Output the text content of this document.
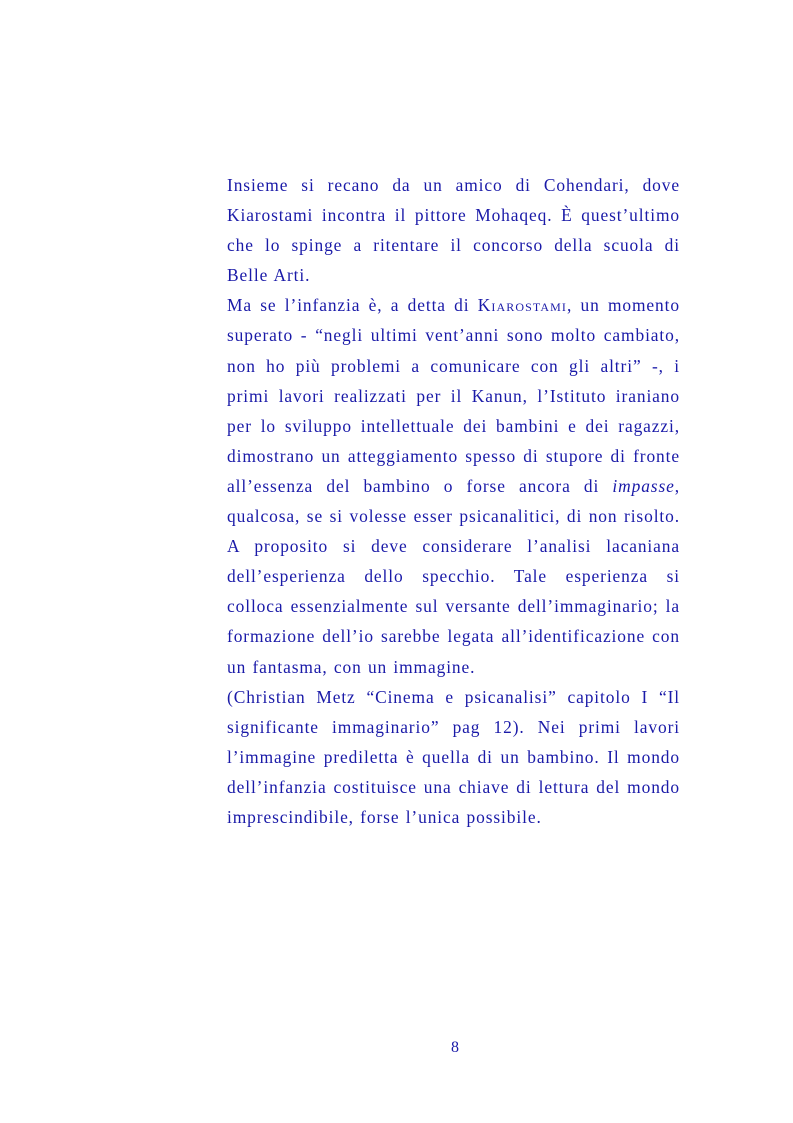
Insieme si recano da un amico di Cohendari, dove Kiarostami incontra il pittore Mohaqeq. È quest’ultimo che lo spinge a ritentare il concorso della scuola di Belle Arti.

Ma se l’infanzia è, a detta di Kiarostami, un momento superato - “negli ultimi vent’anni sono molto cambiato, non ho più problemi a comunicare con gli altri” -, i primi lavori realizzati per il Kanun, l’Istituto iraniano per lo sviluppo intellettuale dei bambini e dei ragazzi, dimostrano un atteggiamento spesso di stupore di fronte all’essenza del bambino o forse ancora di impasse, qualcosa, se si volesse esser psicanalitici, di non risolto. A proposito si deve considerare l’analisi lacaniana dell’esperienza dello specchio. Tale esperienza si colloca essenzialmente sul versante dell’immaginario; la formazione dell’io sarebbe legata all’identificazione con un fantasma, con un immagine.

(Christian Metz “Cinema e psicanalisi” capitolo I “Il significante immaginario” pag 12). Nei primi lavori l’immagine prediletta è quella di un bambino. Il mondo dell’infanzia costituisce una chiave di lettura del mondo imprescindibile, forse l’unica possibile.

8
